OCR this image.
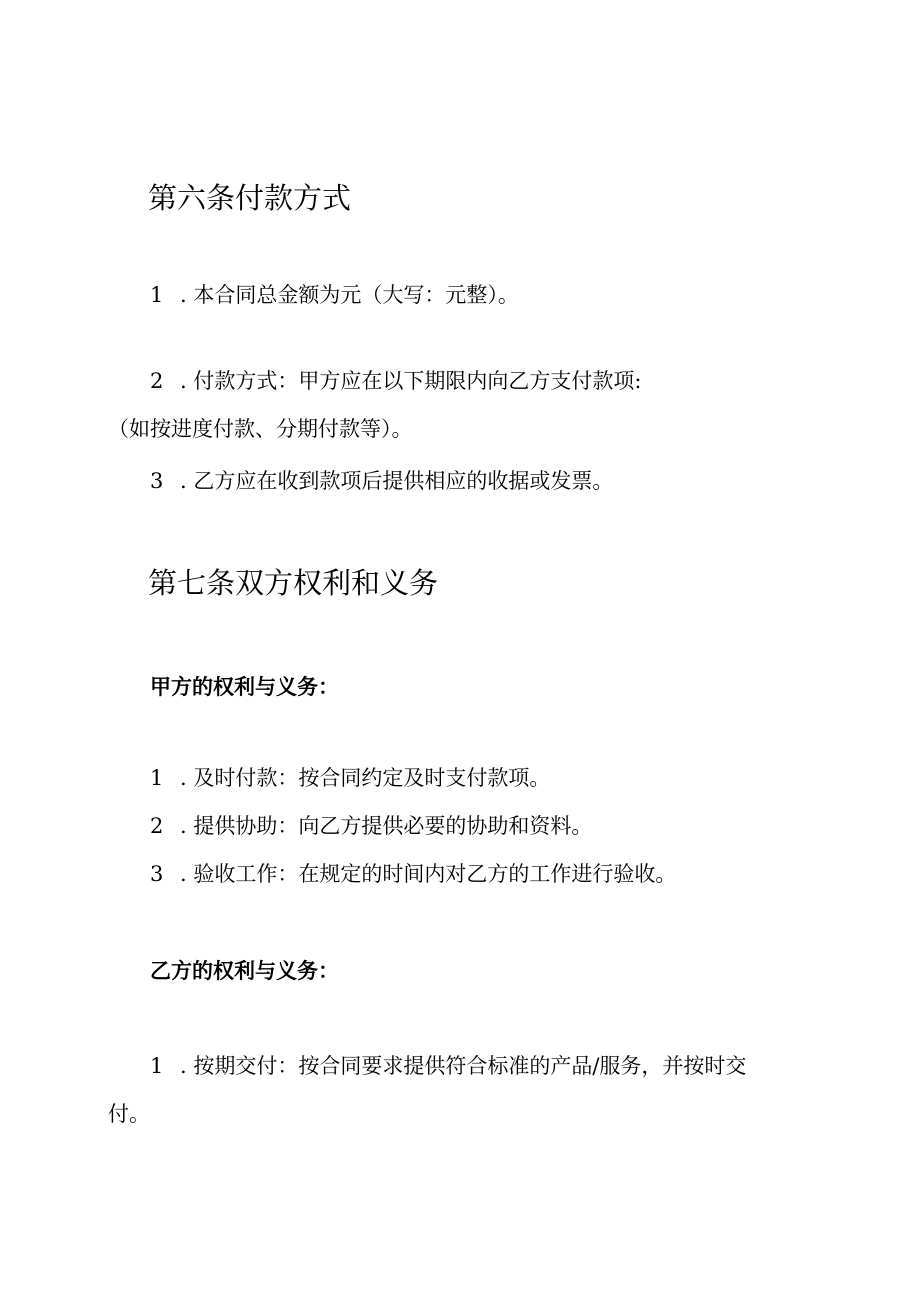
第六条付款方式

1 . 本合同总金额为元（大写：元整）。

2 . 付款方式：甲方应在以下期限内向乙方支付款项:

（如按进度付款、分期付款等）。

3 . 乙方应在收到款项后提供相应的收据或发票。

第七条双方权利和义务
甲方的权利与义务：

1 . 及时付款：按合同约定及时支付款项。

2 . 提供协助：向乙方提供必要的协助和资料。

3 . 验收工作：在规定的时间内对乙方的工作进行验收。

乙方的权利与义务：

1 . 按期交付：按合同要求提供符合标准的产品/服务，并按时交

付。
